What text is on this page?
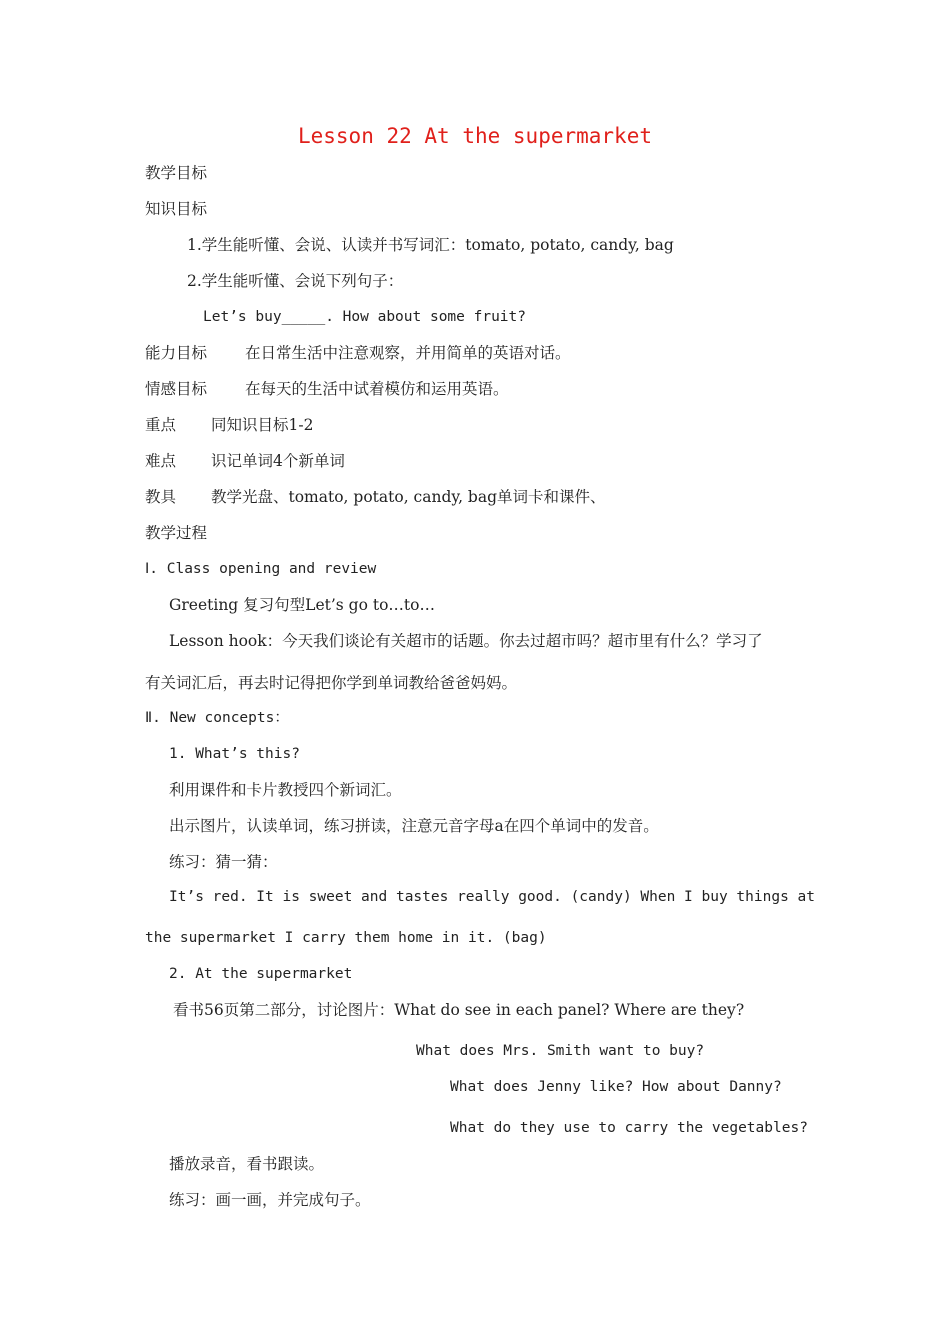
Lesson 22 At the supermarket
教学目标
知识目标
1.学生能听懂、会说、认读并书写词汇：tomato, potato, candy, bag
2.学生能听懂、会说下列句子：
Let’s buy_____. How about some fruit?
能力目标 在日常生活中注意观察，并用简单的英语对话。
情感目标 在每天的生活中试着模仿和运用英语。
重点 同知识目标1-2
难点 识记单词4个新单词
教具 教学光盘、tomato, potato, candy, bag单词卡和课件、
教学过程
Ⅰ. Class opening and review
Greeting 复习句型Let’s go to…to…
Lesson hook：今天我们谈论有关超市的话题。你去过超市吗？超市里有什么？学习了
有关词汇后，再去时记得把你学到单词教给爸爸妈妈。
Ⅱ. New concepts：
1. What’s this?
利用课件和卡片教授四个新词汇。
出示图片，认读单词，练习拼读，注意元音字母a在四个单词中的发音。
练习：猜一猜：
It’s red. It is sweet and tastes really good. (candy) When I buy things at
the supermarket I carry them home in it. (bag)
2. At the supermarket
看书56页第二部分，讨论图片：What do see in each panel? Where are they?
What does Mrs. Smith want to buy?
What does Jenny like? How about Danny?
What do they use to carry the vegetables?
播放录音，看书跟读。
练习：画一画，并完成句子。
